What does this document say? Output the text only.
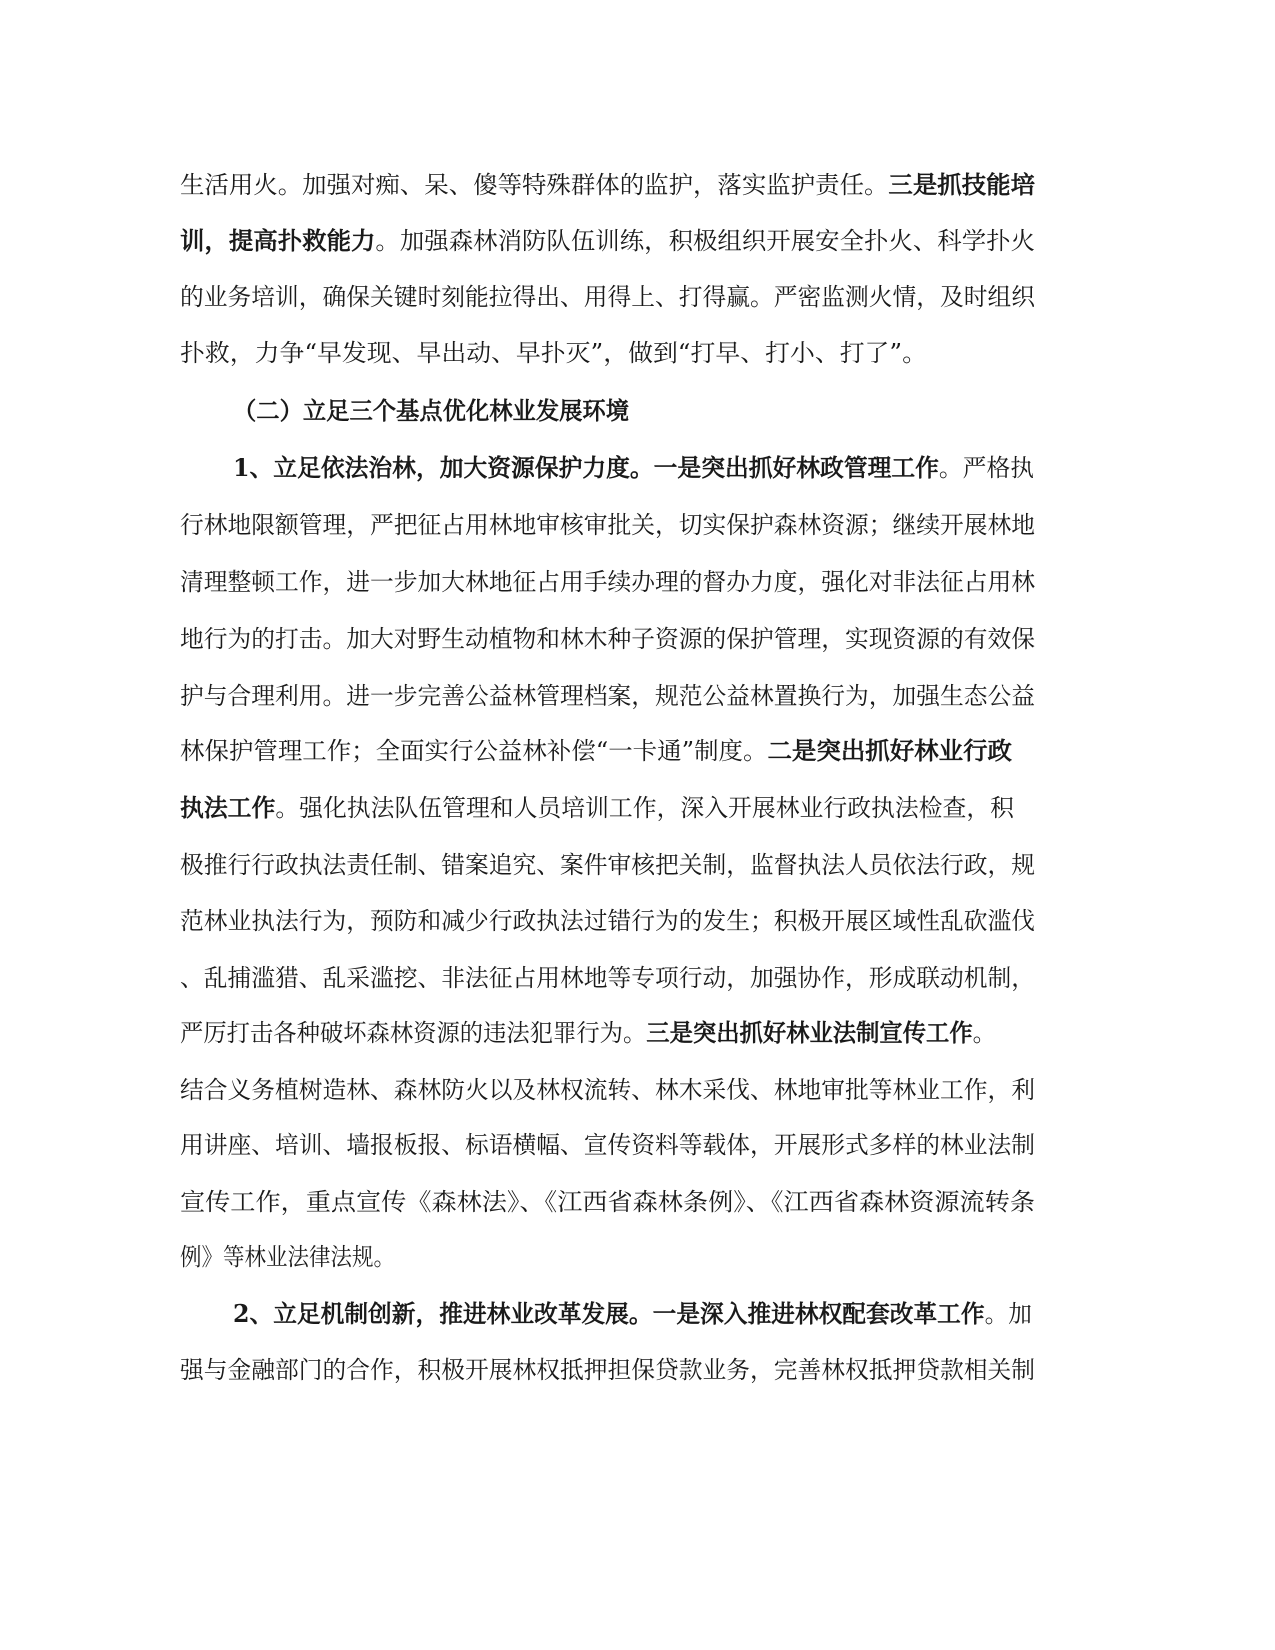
生活用火。加强对痴、呆、傻等特殊群体的监护，落实监护责任。三是抓技能培
训，提高扑救能力。加强森林消防队伍训练，积极组织开展安全扑火、科学扑火
的业务培训，确保关键时刻能拉得出、用得上、打得赢。严密监测火情，及时组织
扑救，力争“早发现、早出动、早扑灭”，做到“打早、打小、打了”。
（二）立足三个基点优化林业发展环境
1、立足依法治林，加大资源保护力度。一是突出抓好林政管理工作。严格执
行林地限额管理，严把征占用林地审核审批关，切实保护森林资源；继续开展林地
清理整顿工作，进一步加大林地征占用手续办理的督办力度，强化对非法征占用林
地行为的打击。加大对野生动植物和林木种子资源的保护管理，实现资源的有效保
护与合理利用。进一步完善公益林管理档案，规范公益林置换行为，加强生态公益
林保护管理工作；全面实行公益林补偿“一卡通”制度。二是突出抓好林业行政
执法工作。强化执法队伍管理和人员培训工作，深入开展林业行政执法检查，积
极推行行政执法责任制、错案追究、案件审核把关制，监督执法人员依法行政，规
范林业执法行为，预防和减少行政执法过错行为的发生；积极开展区域性乱砍滥伐
、乱捕滥猎、乱采滥挖、非法征占用林地等专项行动，加强协作，形成联动机制，
严厉打击各种破坏森林资源的违法犯罪行为。三是突出抓好林业法制宣传工作。
结合义务植树造林、森林防火以及林权流转、林木采伐、林地审批等林业工作，利
用讲座、培训、墙报板报、标语横幅、宣传资料等载体，开展形式多样的林业法制
宣传工作，重点宣传《森林法》、《江西省森林条例》、《江西省森林资源流转条
例》等林业法律法规。
2、立足机制创新，推进林业改革发展。一是深入推进林权配套改革工作。加
强与金融部门的合作，积极开展林权抵押担保贷款业务，完善林权抵押贷款相关制
